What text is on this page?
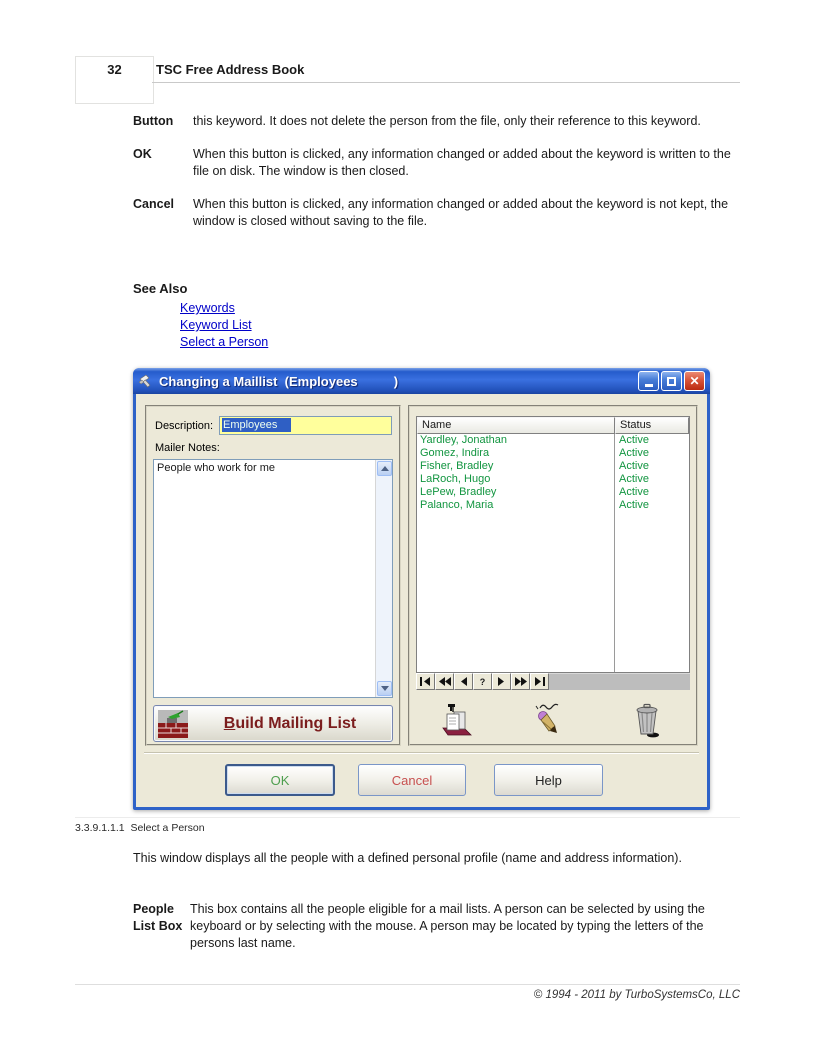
32	TSC Free Address Book
Button	this keyword. It does not delete the person from the file, only their reference to this keyword.
OK	When this button is clicked, any information changed or added about the keyword is written to the file on disk. The window is then closed.
Cancel	When this button is clicked, any information changed or added about the keyword is not kept, the window is closed without saving to the file.
See Also
Keywords
Keyword List
Select a Person
Changing a Maillist  (Employees          )	✕
Description: Employees
Mailer Notes:
People who work for me
Build Mailing List
Name	Status
Yardley, Jonathan	Active
Gomez, Indira	Active
Fisher, Bradley	Active
LaRoch, Hugo	Active
LePew, Bradley	Active
Palanco, Maria	Active
?
OK	Cancel	Help
3.3.9.1.1.1  Select a Person
This window displays all the people with a defined personal profile (name and address information).
People List Box
This box contains all the people eligible for a mail lists. A person can be selected by using the keyboard or by selecting with the mouse. A person may be located by typing the letters of the persons last name.
© 1994 - 2011 by TurboSystemsCo, LLC
